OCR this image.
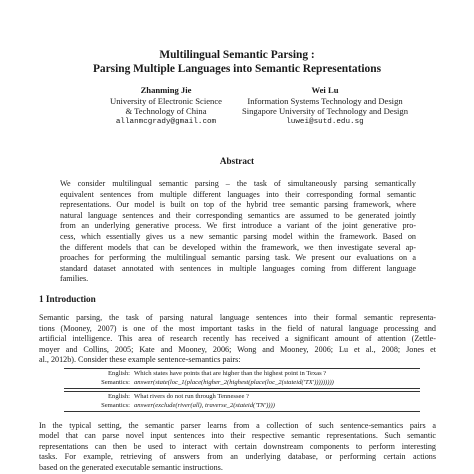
Multilingual Semantic Parsing :
Parsing Multiple Languages into Semantic Representations
Zhanming Jie
University of Electronic Science
& Technology of China
allanmcgrady@gmail.com
Wei Lu
Information Systems Technology and Design
Singapore University of Technology and Design
luwei@sutd.edu.sg
Abstract
We consider multilingual semantic parsing – the task of simultaneously parsing semantically
equivalent sentences from multiple different languages into their corresponding formal semantic
representations. Our model is built on top of the hybrid tree semantic parsing framework, where
natural language sentences and their corresponding semantics are assumed to be generated jointly
from an underlying generative process. We first introduce a variant of the joint generative pro-
cess, which essentially gives us a new semantic parsing model within the framework. Based on
the different models that can be developed within the framework, we then investigate several ap-
proaches for performing the multilingual semantic parsing task. We present our evaluations on a
standard dataset annotated with sentences in multiple languages coming from different language
families.
1 Introduction
Semantic parsing, the task of parsing natural language sentences into their formal semantic representa-
tions (Mooney, 2007) is one of the most important tasks in the field of natural language processing and
artificial intelligence. This area of research recently has received a significant amount of attention (Zettle-
moyer and Collins, 2005; Kate and Mooney, 2006; Wong and Mooney, 2006; Lu et al., 2008; Jones et
al., 2012b). Consider these example sentence-semantics pairs:
English: Which states have points that are higher than the highest point in Texas ?
Semantics: answer(state(loc_1(place(higher_2(highest(place(loc_2(stateid('TX')))))))))
English: What rivers do not run through Tennessee ?
Semantics: answer(exclude(river(all), traverse_2(stateid('TN'))))
In the typical setting, the semantic parser learns from a collection of such sentence-semantics pairs a
model that can parse novel input sentences into their respective semantic representations. Such semantic
representations can then be used to interact with certain downstream components to perform interesting
tasks. For example, retrieving of answers from an underlying database, or performing certain actions
based on the generated executable semantic instructions.
